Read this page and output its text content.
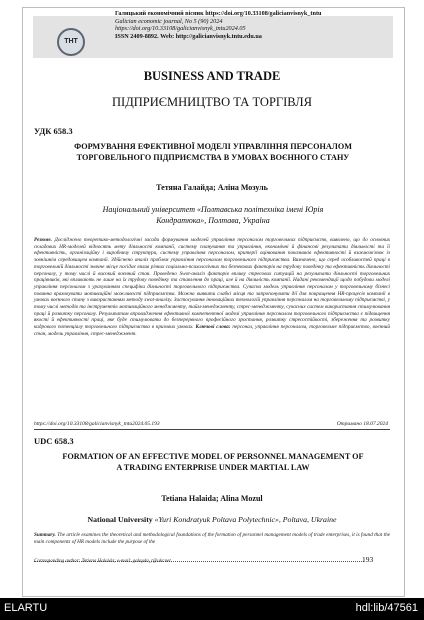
ТНТ
Галицький економічний вісник https://doi.org/10.33108/galicianvisnyk_tntu
Galician economic journal, No 5 (90) 2024
https://doi.org/10.33108/galicianvisnyk_tntu2024.05
ISSN 2409-8892. Web: http://galicianvisnyk.tntu.edu.ua
BUSINESS AND TRADE
ПІДПРИЄМНИЦТВО ТА ТОРГІВЛЯ
УДК 658.3
ФОРМУВАННЯ ЕФЕКТИВНОЇ МОДЕЛІ УПРАВЛІННЯ ПЕРСОНАЛОМ ТОРГОВЕЛЬНОГО ПІДПРИЄМСТВА В УМОВАХ ВОЄННОГО СТАНУ
Тетяна Галайда; Аліна Мозуль
Національний університет «Полтавська політехніка імені Юрія Кондратюка», Полтава, Україна

Резюме. Досліджено теоретико-методологічні засади формування моделей управління персоналом торговельних підприємств, виявлено, що до основних складових HR-моделей відносять мету діяльності компанії, систему планування та управління, економічні й фінансові результати діяльності та її ефективність, організаційну і виробничу структури, систему управління персоналом, критерії оцінювання показників ефективності й взаємозв'язок із зовнішнім середовищем компанії. Здійснено аналіз проблем управління персоналом торговельного підприємства. Визначено, що серед особливостей праці в торговельній діяльності значне місце посідає вплив різних соціально-психологічних та безпекових факторів на трудову поведінку та ефективність діяльності персоналу, у тому числі й високий воєнний стан. Проведено Swot-аналіз факторів впливу стресових ситуацій на результати діяльності торговельних працівників, які впливають не лише на їх трудову поведінку та ставлення до праці, але й на діяльність компанії. Надані рекомендації щодо побудови моделі управління персоналом з урахуванням специфіки діяльності торговельного підприємства. Сучасна модель управління персоналом у торговельному бізнесі повинна враховувати мотиваційні можливості підприємства. Можна виявити слабкі місця та запропонувати дії для покращення HR-процесів компанії в умовах воєнного стану з використанням методу swot-аналізу. Застосування інноваційних технологій управління персоналом на торговельному підприємстві, у тому числі методів та інструментів мотиваційного менеджменту, тайм-менеджменту, стрес-менеджменту, сучасних систем використання стимулювання праці й розвитку персоналу. Результатом впровадження ефективної компетентної моделі управління персоналом торговельного підприємства є підвищення якості й ефективності праці, яке буде стимулювати до безперервного професійного зростання, розвитку стресостійкості, збереження та розвитку кадрового потенціалу торговельного підприємства в кризових умовах. Ключові слова: персонал, управління персоналом, торговельне підприємство, воєнний стан, модель управління, стрес-менеджмент.

https://doi.org/10.33108/galicianvisnyk_tntu2024.05.193	Отримано 18.07.2024
UDC 658.3
FORMATION OF AN EFFECTIVE MODEL OF PERSONNEL MANAGEMENT OF A TRADING ENTERPRISE UNDER MARTIAL LAW
Tetiana Halaida; Alina Mozul
National University «Yuri Kondratyuk Poltava Polytechnic», Poltava, Ukraine

Summary. The article examines the theoretical and methodological foundations of the formation of personnel management models of trade enterprises, it is found that the main components of HR models include the purpose of the

Corresponding author: Tetiana Halaida; e-mail: galayda_t@ukr.net	193
ELARTU	hdl:lib/47561
